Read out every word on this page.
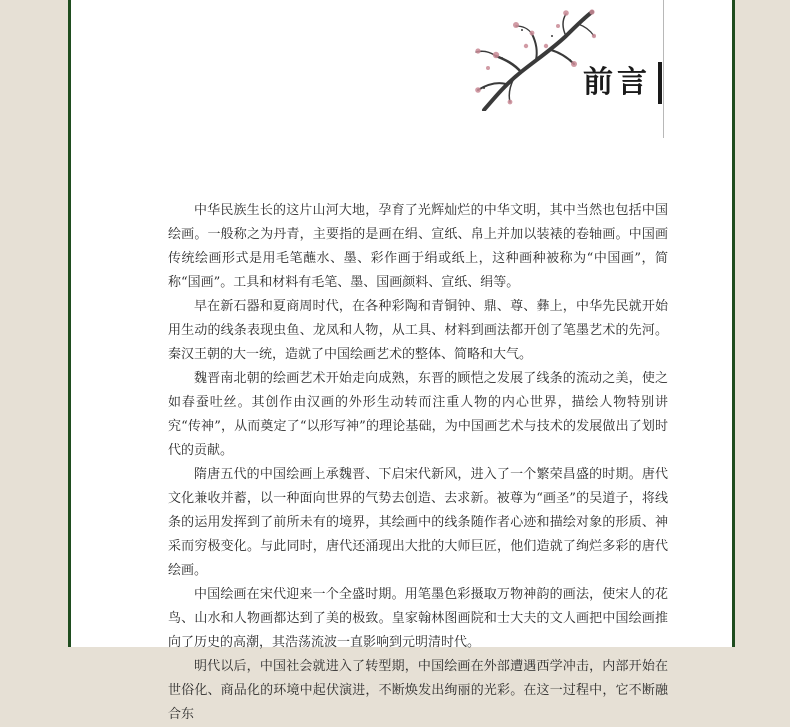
前言

中华民族生长的这片山河大地，孕育了光辉灿烂的中华文明，其中当然也包括中国绘画。一般称之为丹青，主要指的是画在绢、宣纸、帛上并加以装裱的卷轴画。中国画传统绘画形式是用毛笔蘸水、墨、彩作画于绢或纸上，这种画种被称为“中国画”，简称“国画”。工具和材料有毛笔、墨、国画颜料、宣纸、绢等。

早在新石器和夏商周时代，在各种彩陶和青铜钟、鼎、尊、彝上，中华先民就开始用生动的线条表现虫鱼、龙凤和人物，从工具、材料到画法都开创了笔墨艺术的先河。秦汉王朝的大一统，造就了中国绘画艺术的整体、简略和大气。

魏晋南北朝的绘画艺术开始走向成熟，东晋的顾恺之发展了线条的流动之美，使之如春蚕吐丝。其创作由汉画的外形生动转而注重人物的内心世界，描绘人物特别讲究“传神”，从而奠定了“以形写神”的理论基础，为中国画艺术与技术的发展做出了划时代的贡献。

隋唐五代的中国绘画上承魏晋、下启宋代新风，进入了一个繁荣昌盛的时期。唐代文化兼收并蓄，以一种面向世界的气势去创造、去求新。被尊为“画圣”的吴道子，将线条的运用发挥到了前所未有的境界，其绘画中的线条随作者心迹和描绘对象的形质、神采而穷极变化。与此同时，唐代还涌现出大批的大师巨匠，他们造就了绚烂多彩的唐代绘画。

中国绘画在宋代迎来一个全盛时期。用笔墨色彩摄取万物神韵的画法，使宋人的花鸟、山水和人物画都达到了美的极致。皇家翰林图画院和士大夫的文人画把中国绘画推向了历史的高潮，其浩荡流波一直影响到元明清时代。

明代以后，中国社会就进入了转型期，中国绘画在外部遭遇西学冲击，内部开始在世俗化、商品化的环境中起伏演进，不断焕发出绚丽的光彩。在这一过程中，它不断融合东
